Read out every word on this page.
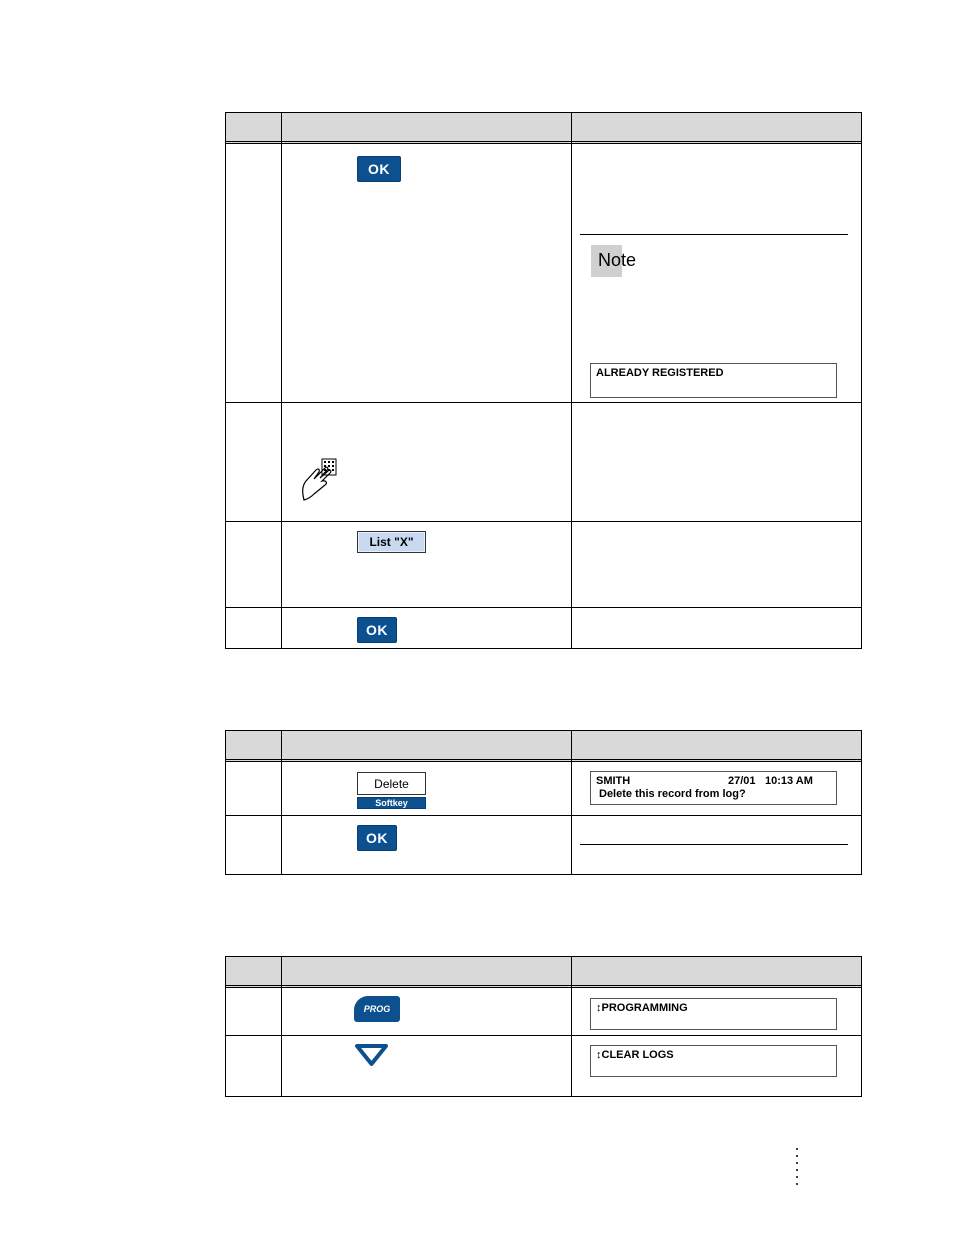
OK
Note
ALREADY REGISTERED
List "X"
OK
Delete
Softkey
SMITH	27/01 10:13 AM
Delete this record from log?
OK
PROG	↕PROGRAMMING
↕CLEAR LOGS
